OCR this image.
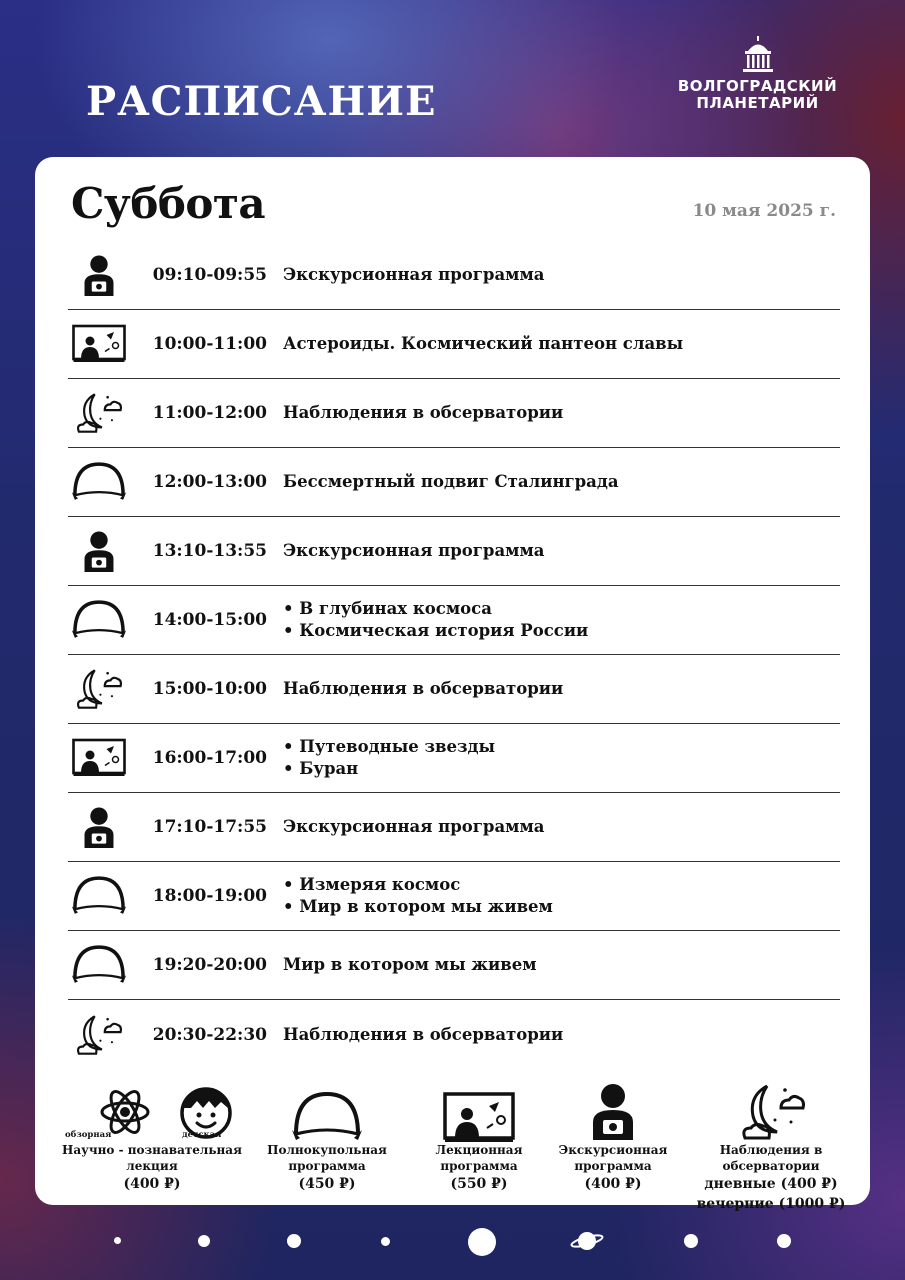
РАСПИСАНИЕ	ВОЛГОГРАДСКИЙ
ПЛАНЕТАРИЙ
Суббота	10 мая 2025 г.
09:10-09:55 Экскурсионная программа
10:00-11:00 Астероиды. Космический пантеон славы
11:00-12:00 Наблюдения в обсерватории
12:00-13:00 Бессмертный подвиг Сталинграда
13:10-13:55 Экскурсионная программа
14:00-15:00
• В глубинах космоса
• Космическая история России
15:00-10:00 Наблюдения в обсерватории
16:00-17:00
• Путеводные звезды
• Буран
17:10-17:55 Экскурсионная программа
18:00-19:00
• Измеряя космос
• Мир в котором мы живем
19:20-20:00 Мир в котором мы живем
20:30-22:30 Наблюдения в обсерватории
обзорная	детская
Научно - познавательная
лекция
(400 ₽)
Полнокупольная
программа
(450 ₽)
Лекционная
программа
(550 ₽)
Экскурсионная
программа
(400 ₽)
Наблюдения в обсерватории
дневные (400 ₽)
вечерние (1000 ₽)
